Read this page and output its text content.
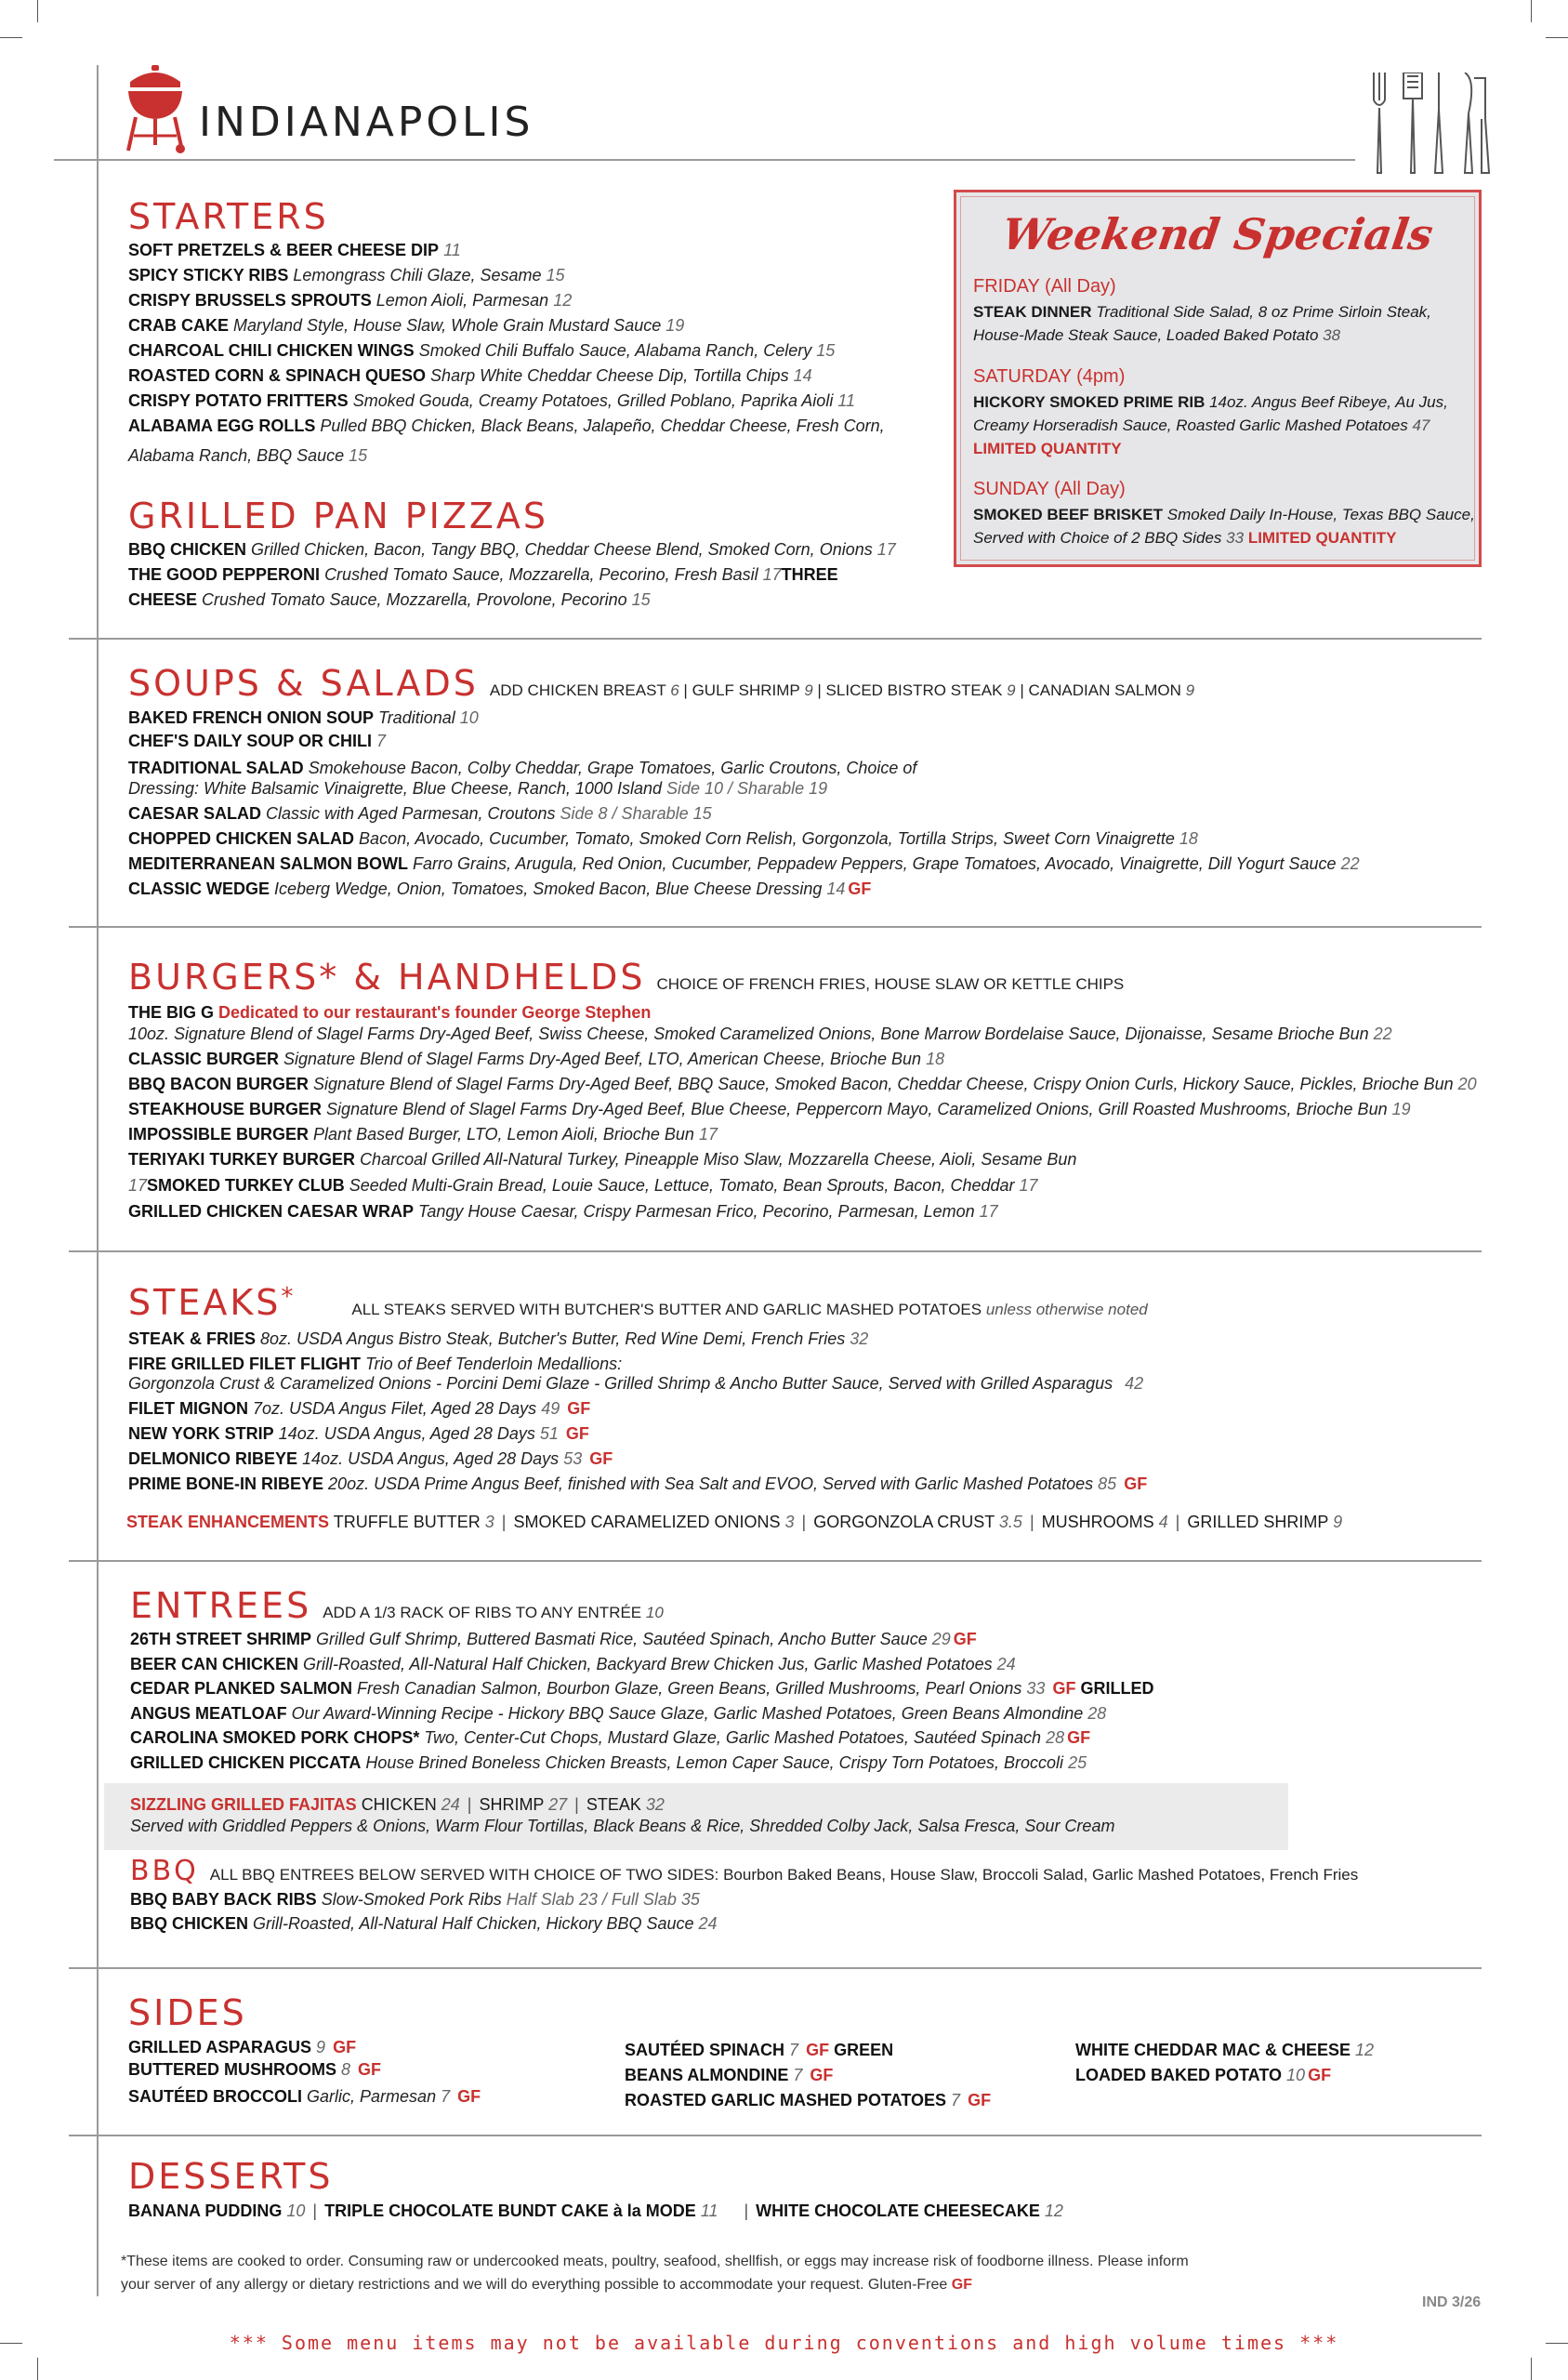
INDIANAPOLIS
STARTERS
SOFT PRETZELS & BEER CHEESE DIP 11
SPICY STICKY RIBS Lemongrass Chili Glaze, Sesame 15
CRISPY BRUSSELS SPROUTS Lemon Aioli, Parmesan 12
CRAB CAKE Maryland Style, House Slaw, Whole Grain Mustard Sauce 19
CHARCOAL CHILI CHICKEN WINGS Smoked Chili Buffalo Sauce, Alabama Ranch, Celery 15
ROASTED CORN & SPINACH QUESO Sharp White Cheddar Cheese Dip, Tortilla Chips 14
CRISPY POTATO FRITTERS Smoked Gouda, Creamy Potatoes, Grilled Poblano, Paprika Aioli 11
ALABAMA EGG ROLLS Pulled BBQ Chicken, Black Beans, Jalapeño, Cheddar Cheese, Fresh Corn,
Alabama Ranch, BBQ Sauce 15
Weekend Specials
FRIDAY (All Day)
STEAK DINNER Traditional Side Salad, 8 oz Prime Sirloin Steak,
House-Made Steak Sauce, Loaded Baked Potato 38
SATURDAY (4pm)
HICKORY SMOKED PRIME RIB 14oz. Angus Beef Ribeye, Au Jus,
Creamy Horseradish Sauce, Roasted Garlic Mashed Potatoes 47
LIMITED QUANTITY
SUNDAY (All Day)
SMOKED BEEF BRISKET Smoked Daily In-House, Texas BBQ Sauce,
Served with Choice of 2 BBQ Sides 33 LIMITED QUANTITY
GRILLED PAN PIZZAS
BBQ CHICKEN Grilled Chicken, Bacon, Tangy BBQ, Cheddar Cheese Blend, Smoked Corn, Onions 17
THE GOOD PEPPERONI Crushed Tomato Sauce, Mozzarella, Pecorino, Fresh Basil 17THREE
CHEESE Crushed Tomato Sauce, Mozzarella, Provolone, Pecorino 15
SOUPS & SALADS ADD CHICKEN BREAST 6 | GULF SHRIMP 9 | SLICED BISTRO STEAK 9 | CANADIAN SALMON 9
BAKED FRENCH ONION SOUP Traditional 10
CHEF'S DAILY SOUP OR CHILI 7
TRADITIONAL SALAD Smokehouse Bacon, Colby Cheddar, Grape Tomatoes, Garlic Croutons, Choice of
Dressing: White Balsamic Vinaigrette, Blue Cheese, Ranch, 1000 Island Side 10 / Sharable 19
CAESAR SALAD Classic with Aged Parmesan, Croutons Side 8 / Sharable 15
CHOPPED CHICKEN SALAD Bacon, Avocado, Cucumber, Tomato, Smoked Corn Relish, Gorgonzola, Tortilla Strips, Sweet Corn Vinaigrette 18
MEDITERRANEAN SALMON BOWL Farro Grains, Arugula, Red Onion, Cucumber, Peppadew Peppers, Grape Tomatoes, Avocado, Vinaigrette, Dill Yogurt Sauce 22
CLASSIC WEDGE Iceberg Wedge, Onion, Tomatoes, Smoked Bacon, Blue Cheese Dressing 14 GF
BURGERS* & HANDHELDS CHOICE OF FRENCH FRIES, HOUSE SLAW OR KETTLE CHIPS
THE BIG G Dedicated to our restaurant's founder George Stephen
10oz. Signature Blend of Slagel Farms Dry-Aged Beef, Swiss Cheese, Smoked Caramelized Onions, Bone Marrow Bordelaise Sauce, Dijonaisse, Sesame Brioche Bun 22
CLASSIC BURGER Signature Blend of Slagel Farms Dry-Aged Beef, LTO, American Cheese, Brioche Bun 18
BBQ BACON BURGER Signature Blend of Slagel Farms Dry-Aged Beef, BBQ Sauce, Smoked Bacon, Cheddar Cheese, Crispy Onion Curls, Hickory Sauce, Pickles, Brioche Bun 20
STEAKHOUSE BURGER Signature Blend of Slagel Farms Dry-Aged Beef, Blue Cheese, Peppercorn Mayo, Caramelized Onions, Grill Roasted Mushrooms, Brioche Bun 19
IMPOSSIBLE BURGER Plant Based Burger, LTO, Lemon Aioli, Brioche Bun 17
TERIYAKI TURKEY BURGER Charcoal Grilled All-Natural Turkey, Pineapple Miso Slaw, Mozzarella Cheese, Aioli, Sesame Bun
17SMOKED TURKEY CLUB Seeded Multi-Grain Bread, Louie Sauce, Lettuce, Tomato, Bean Sprouts, Bacon, Cheddar 17
GRILLED CHICKEN CAESAR WRAP Tangy House Caesar, Crispy Parmesan Frico, Pecorino, Parmesan, Lemon 17
STEAKS*	ALL STEAKS SERVED WITH BUTCHER'S BUTTER AND GARLIC MASHED POTATOES unless otherwise noted
STEAK & FRIES 8oz. USDA Angus Bistro Steak, Butcher's Butter, Red Wine Demi, French Fries 32
FIRE GRILLED FILET FLIGHT Trio of Beef Tenderloin Medallions:
Gorgonzola Crust & Caramelized Onions - Porcini Demi Glaze - Grilled Shrimp & Ancho Butter Sauce, Served with Grilled Asparagus 42
FILET MIGNON 7oz. USDA Angus Filet, Aged 28 Days 49 GF
NEW YORK STRIP 14oz. USDA Angus, Aged 28 Days 51 GF
DELMONICO RIBEYE 14oz. USDA Angus, Aged 28 Days 53 GF
PRIME BONE-IN RIBEYE 20oz. USDA Prime Angus Beef, finished with Sea Salt and EVOO, Served with Garlic Mashed Potatoes 85 GF
STEAK ENHANCEMENTS TRUFFLE BUTTER 3 | SMOKED CARAMELIZED ONIONS 3 | GORGONZOLA CRUST 3.5 | MUSHROOMS 4 | GRILLED SHRIMP 9
ENTREES ADD A 1/3 RACK OF RIBS TO ANY ENTRÉE 10
26TH STREET SHRIMP Grilled Gulf Shrimp, Buttered Basmati Rice, Sautéed Spinach, Ancho Butter Sauce 29 GF
BEER CAN CHICKEN Grill-Roasted, All-Natural Half Chicken, Backyard Brew Chicken Jus, Garlic Mashed Potatoes 24
CEDAR PLANKED SALMON Fresh Canadian Salmon, Bourbon Glaze, Green Beans, Grilled Mushrooms, Pearl Onions 33 GF GRILLED
ANGUS MEATLOAF Our Award-Winning Recipe - Hickory BBQ Sauce Glaze, Garlic Mashed Potatoes, Green Beans Almondine 28
CAROLINA SMOKED PORK CHOPS* Two, Center-Cut Chops, Mustard Glaze, Garlic Mashed Potatoes, Sautéed Spinach 28 GF
GRILLED CHICKEN PICCATA House Brined Boneless Chicken Breasts, Lemon Caper Sauce, Crispy Torn Potatoes, Broccoli 25
SIZZLING GRILLED FAJITAS CHICKEN 24 | SHRIMP 27 | STEAK 32
Served with Griddled Peppers & Onions, Warm Flour Tortillas, Black Beans & Rice, Shredded Colby Jack, Salsa Fresca, Sour Cream
BBQ ALL BBQ ENTREES BELOW SERVED WITH CHOICE OF TWO SIDES: Bourbon Baked Beans, House Slaw, Broccoli Salad, Garlic Mashed Potatoes, French Fries
BBQ BABY BACK RIBS Slow-Smoked Pork Ribs Half Slab 23 / Full Slab 35
BBQ CHICKEN Grill-Roasted, All-Natural Half Chicken, Hickory BBQ Sauce 24
SIDES
GRILLED ASPARAGUS 9 GF
BUTTERED MUSHROOMS 8 GF
SAUTÉED BROCCOLI Garlic, Parmesan 7 GF
SAUTÉED SPINACH 7 GF GREEN
BEANS ALMONDINE 7 GF
ROASTED GARLIC MASHED POTATOES 7 GF
WHITE CHEDDAR MAC & CHEESE 12
LOADED BAKED POTATO 10 GF
DESSERTS
BANANA PUDDING 10 | TRIPLE CHOCOLATE BUNDT CAKE à la MODE 11 | WHITE CHOCOLATE CHEESECAKE 12
*These items are cooked to order. Consuming raw or undercooked meats, poultry, seafood, shellfish, or eggs may increase risk of foodborne illness. Please inform
your server of any allergy or dietary restrictions and we will do everything possible to accommodate your request. Gluten-Free GF
IND 3/26
*** Some menu items may not be available during conventions and high volume times ***
